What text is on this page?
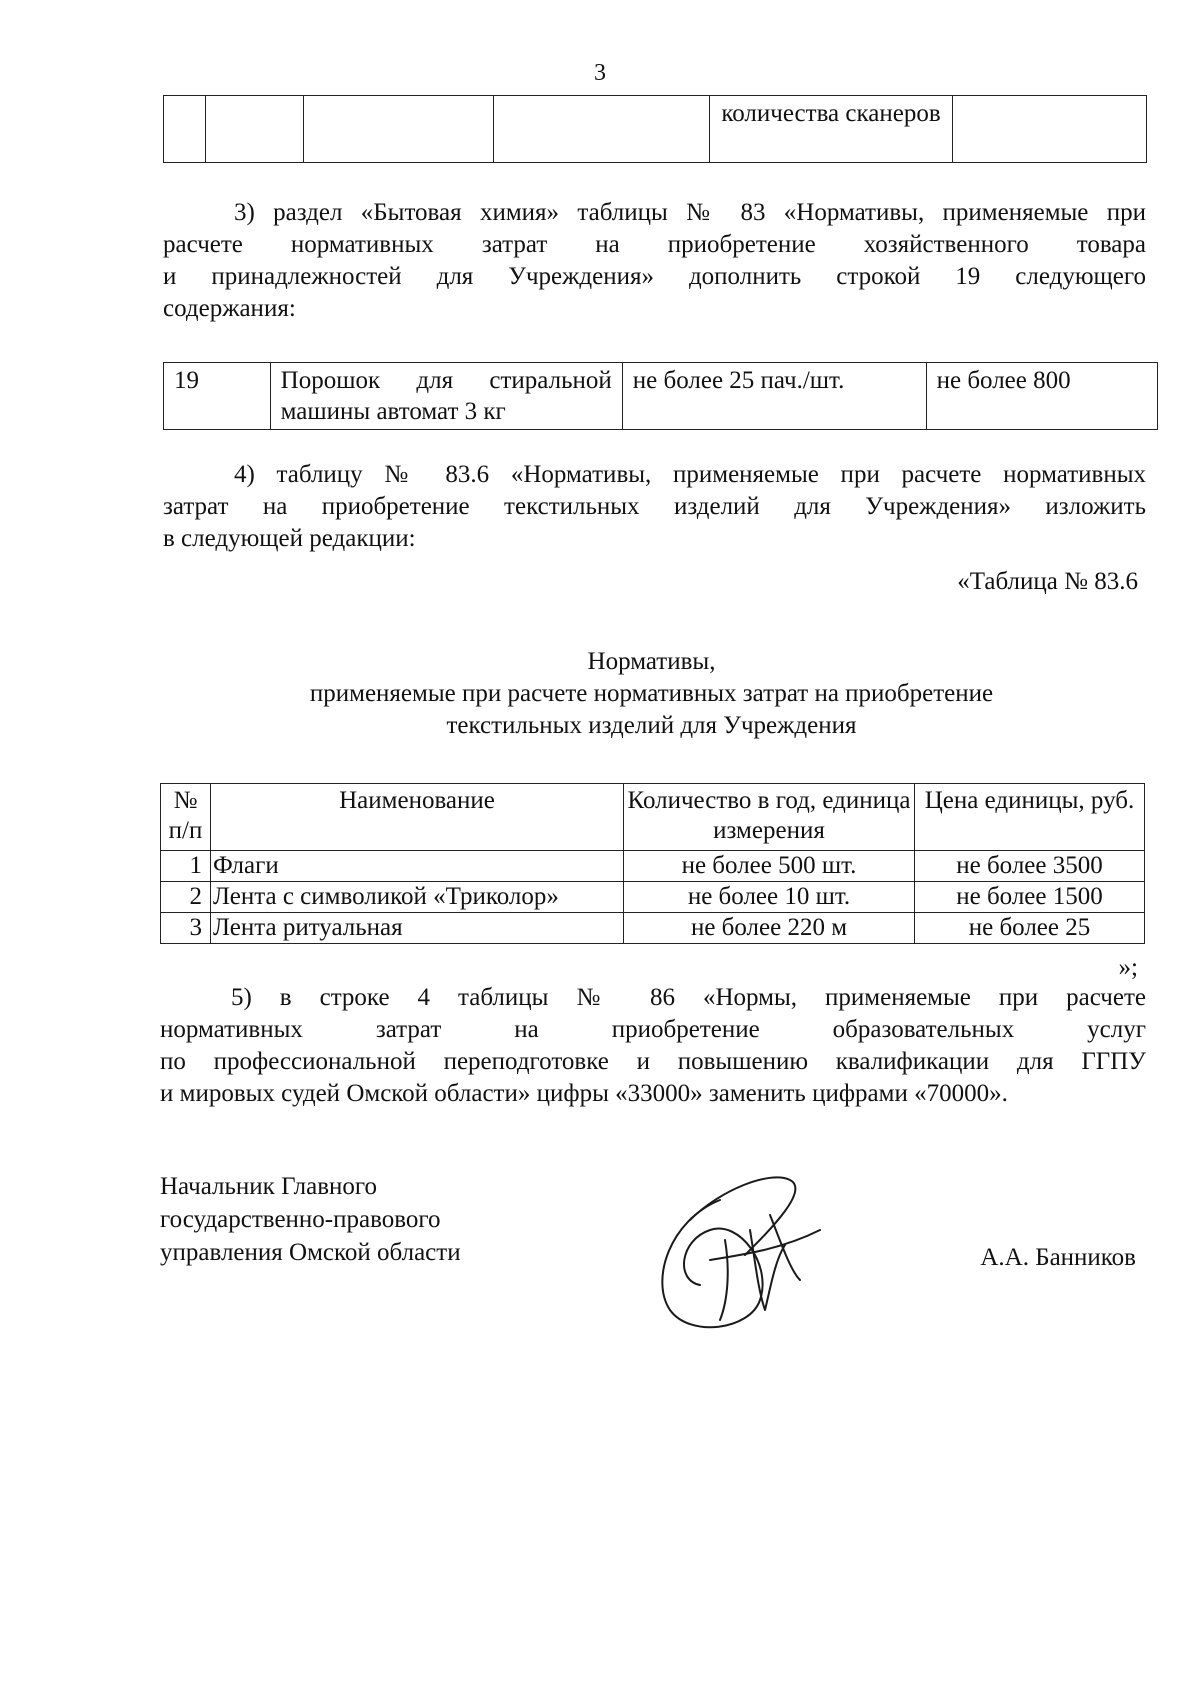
3
				количества сканеров	
3) раздел «Бытовая химия» таблицы № 83 «Нормативы, применяемые при
расчете нормативных затрат на приобретение хозяйственного товара
и принадлежностей для Учреждения» дополнить строкой 19 следующего
содержания:
19	Порошок для стиральной машины автомат 3 кг	не более 25 пач./шт.	не более 800
4) таблицу № 83.6 «Нормативы, применяемые при расчете нормативных
затрат на приобретение текстильных изделий для Учреждения» изложить
в следующей редакции:
«Таблица № 83.6
Нормативы,
применяемые при расчете нормативных затрат на приобретение
текстильных изделий для Учреждения
№ п/п	Наименование	Количество в год, единица измерения	Цена единицы, руб.
1	Флаги	не более 500 шт.	не более 3500
2	Лента с символикой «Триколор»	не более 10 шт.	не более 1500
3	Лента ритуальная	не более 220 м	не более 25
»;
5) в строке 4 таблицы № 86 «Нормы, применяемые при расчете
нормативных затрат на приобретение образовательных услуг
по профессиональной переподготовке и повышению квалификации для ГГПУ
и мировых судей Омской области» цифры «33000» заменить цифрами «70000».
Начальник Главного
государственно-правового
управления Омской области	А.А. Банников
